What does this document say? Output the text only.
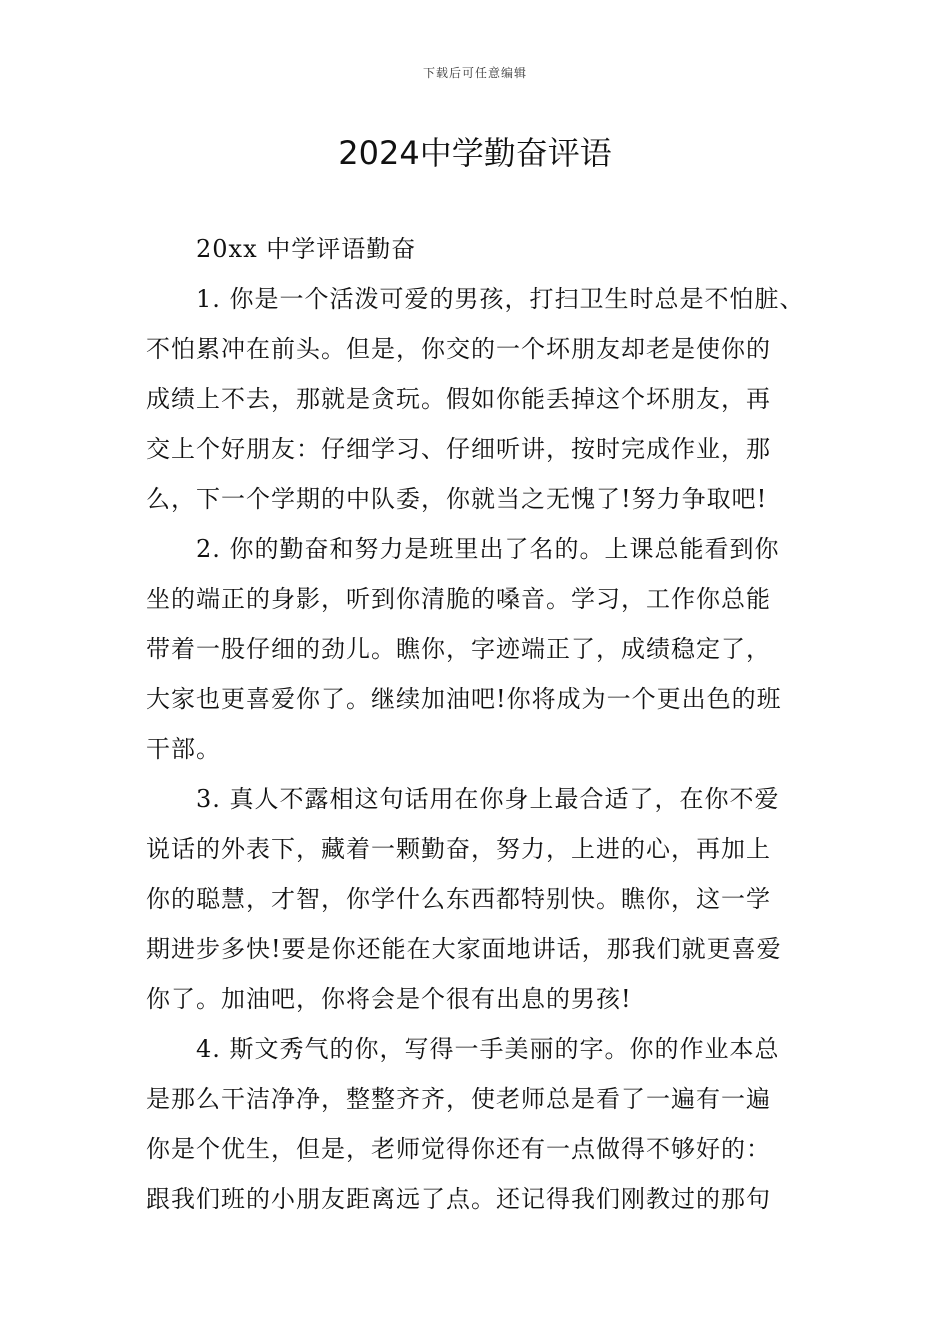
下载后可任意编辑
2024中学勤奋评语

20xx 中学评语勤奋

1. 你是一个活泼可爱的男孩，打扫卫生时总是不怕脏、
不怕累冲在前头。但是，你交的一个坏朋友却老是使你的
成绩上不去，那就是贪玩。假如你能丢掉这个坏朋友，再
交上个好朋友：仔细学习、仔细听讲，按时完成作业，那
么，下一个学期的中队委，你就当之无愧了!努力争取吧!

2. 你的勤奋和努力是班里出了名的。上课总能看到你
坐的端正的身影，听到你清脆的嗓音。学习，工作你总能
带着一股仔细的劲儿。瞧你，字迹端正了，成绩稳定了，
大家也更喜爱你了。继续加油吧!你将成为一个更出色的班
干部。

3. 真人不露相这句话用在你身上最合适了，在你不爱
说话的外表下，藏着一颗勤奋，努力，上进的心，再加上
你的聪慧，才智，你学什么东西都特别快。瞧你，这一学
期进步多快!要是你还能在大家面地讲话，那我们就更喜爱
你了。加油吧，你将会是个很有出息的男孩!

4. 斯文秀气的你，写得一手美丽的字。你的作业本总
是那么干洁净净，整整齐齐，使老师总是看了一遍有一遍
你是个优生，但是，老师觉得你还有一点做得不够好的：
跟我们班的小朋友距离远了点。还记得我们刚教过的那句
